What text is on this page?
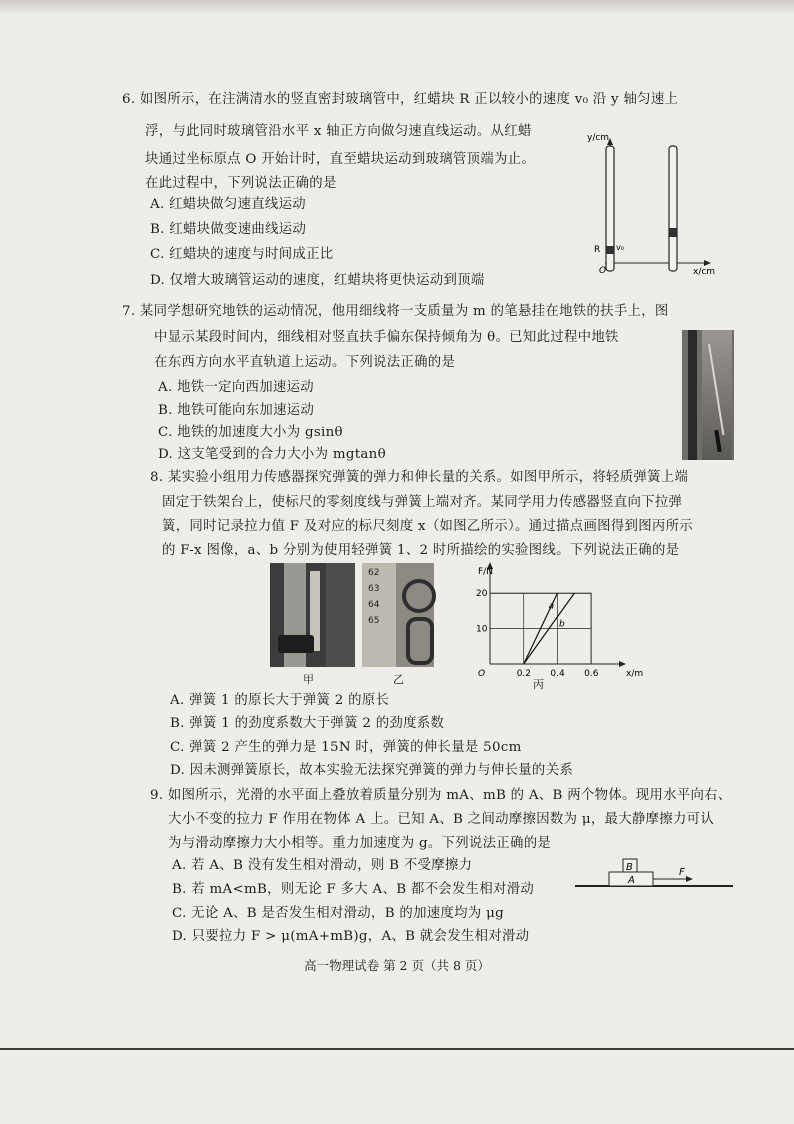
6. 如图所示，在注满清水的竖直密封玻璃管中，红蜡块 R 正以较小的速度 v₀ 沿 y 轴匀速上
浮，与此同时玻璃管沿水平 x 轴正方向做匀速直线运动。从红蜡
块通过坐标原点 O 开始计时，直至蜡块运动到玻璃管顶端为止。
在此过程中，下列说法正确的是
A. 红蜡块做匀速直线运动
B. 红蜡块做变速曲线运动
C. 红蜡块的速度与时间成正比
D. 仅增大玻璃管运动的速度，红蜡块将更快运动到顶端
y/cm
x/cm
R v₀
O
7. 某同学想研究地铁的运动情况，他用细线将一支质量为 m 的笔悬挂在地铁的扶手上，图
中显示某段时间内，细线相对竖直扶手偏东保持倾角为 θ。已知此过程中地铁
在东西方向水平直轨道上运动。下列说法正确的是
A. 地铁一定向西加速运动
B. 地铁可能向东加速运动
C. 地铁的加速度大小为 gsinθ
D. 这支笔受到的合力大小为 mgtanθ
8. 某实验小组用力传感器探究弹簧的弹力和伸长量的关系。如图甲所示，将轻质弹簧上端
固定于铁架台上，使标尺的零刻度线与弹簧上端对齐。某同学用力传感器竖直向下拉弹
簧，同时记录拉力值 F 及对应的标尺刻度 x（如图乙所示）。通过描点画图得到图丙所示
的 F-x 图像，a、b 分别为使用轻弹簧 1、2 时所描绘的实验图线。下列说法正确的是
62
63
64
65
甲	乙	丙
F/N
x/m
O	0.2 0.4 0.6
10
20
a
b
A. 弹簧 1 的原长大于弹簧 2 的原长
B. 弹簧 1 的劲度系数大于弹簧 2 的劲度系数
C. 弹簧 2 产生的弹力是 15N 时，弹簧的伸长量是 50cm
D. 因未测弹簧原长，故本实验无法探究弹簧的弹力与伸长量的关系
9. 如图所示，光滑的水平面上叠放着质量分别为 mA、mB 的 A、B 两个物体。现用水平向右、
大小不变的拉力 F 作用在物体 A 上。已知 A、B 之间动摩擦因数为 μ，最大静摩擦力可认
为与滑动摩擦力大小相等。重力加速度为 g。下列说法正确的是
A. 若 A、B 没有发生相对滑动，则 B 不受摩擦力
B. 若 mA<mB，则无论 F 多大 A、B 都不会发生相对滑动
C. 无论 A、B 是否发生相对滑动，B 的加速度均为 μg
D. 只要拉力 F > μ(mA+mB)g，A、B 就会发生相对滑动
B
A
F
高一物理试卷 第 2 页（共 8 页）
